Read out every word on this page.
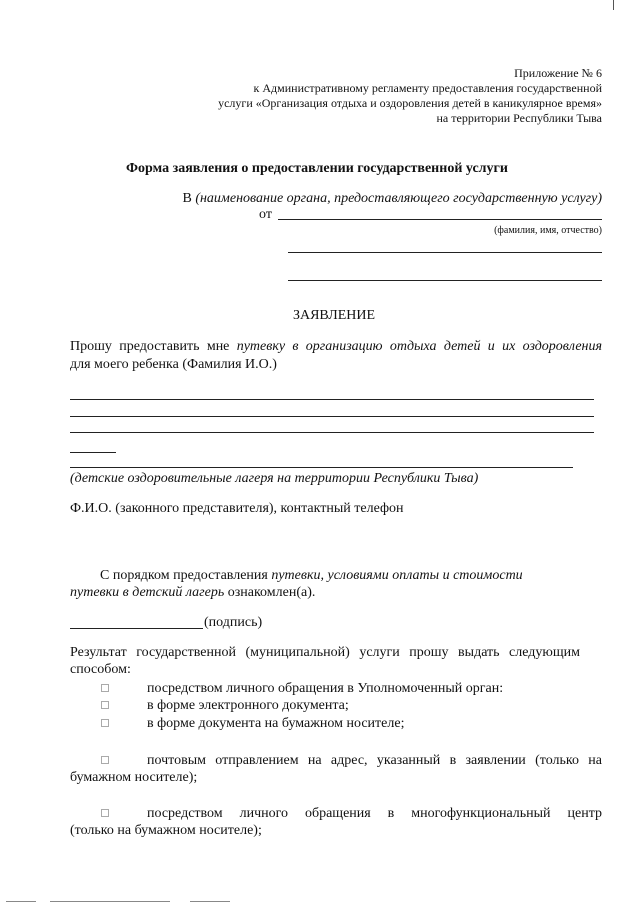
Приложение № 6
к Административному регламенту предоставления государственной
услуги «Организация отдыха и оздоровления детей в каникулярное время»
на территории Республики Тыва
Форма заявления о предоставлении государственной услуги
В (наименование органа, предоставляющего государственную услугу)
от
(фамилия, имя, отчество)
ЗАЯВЛЕНИЕ
Прошу предоставить мне путевку в организацию отдыха детей и их оздоровления
для моего ребенка (Фамилия И.О.)
(детские оздоровительные лагеря на территории Республики Тыва)
Ф.И.О. (законного представителя), контактный телефон
С порядком предоставления путевки, условиями оплаты и стоимости
путевки в детский лагерь ознакомлен(а).
(подпись)
Результат государственной (муниципальной) услуги прошу выдать следующим
способом:
посредством личного обращения в Уполномоченный орган:
в форме электронного документа;
в форме документа на бумажном носителе;
почтовым отправлением на адрес, указанный в заявлении (только на
бумажном носителе);
посредством личного обращения в многофункциональный центр
(только на бумажном носителе);
